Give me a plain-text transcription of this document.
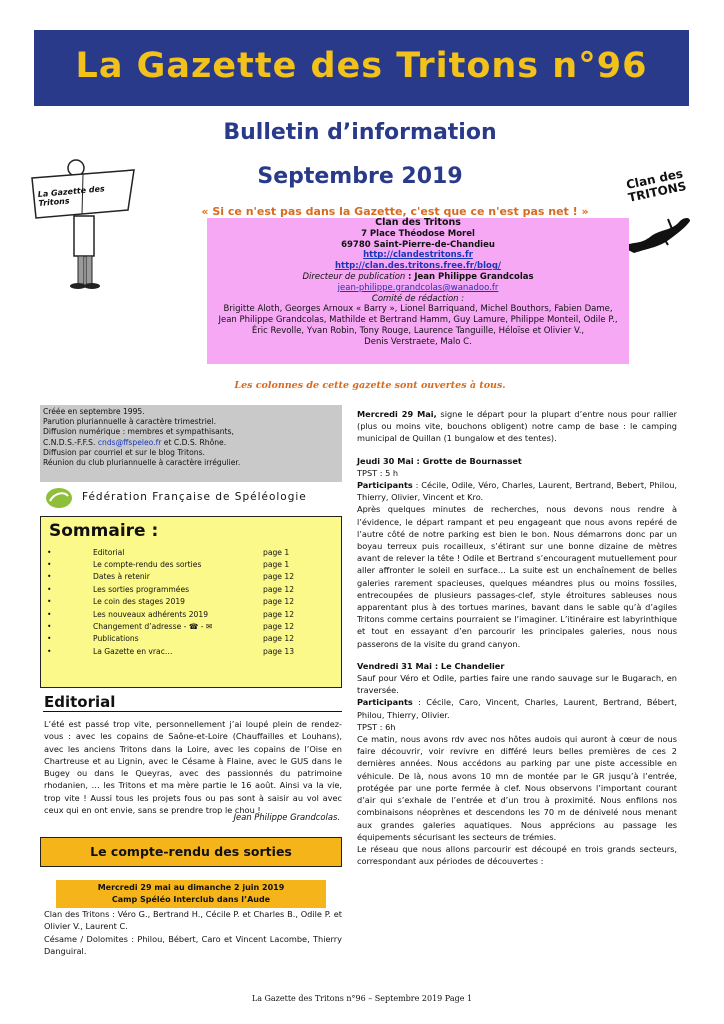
La Gazette des Tritons n°96
La Gazette des Tritons
Clan des TRITONS
Bulletin d’information
Septembre 2019
« Si ce n'est pas dans la Gazette, c'est que ce n'est pas net ! »
Clan des Tritons
7 Place Théodose Morel
69780 Saint-Pierre-de-Chandieu
http://clandestritons.fr
http://clan.des.tritons.free.fr/blog/
Directeur de publication : Jean Philippe Grandcolas
jean-philippe.grandcolas@wanadoo.fr
Comité de rédaction :
Brigitte Aloth, Georges Arnoux « Barry », Lionel Barriquand, Michel Bouthors, Fabien Dame,
Jean Philippe Grandcolas, Mathilde et Bertrand Hamm, Guy Lamure, Philippe Monteil, Odile P.,
Éric Revolle, Yvan Robin, Tony Rouge, Laurence Tanguille, Héloïse et Olivier V.,
Denis Verstraete, Malo C.
Les colonnes de cette gazette sont ouvertes à tous.
Créée en septembre 1995.
Parution pluriannuelle à caractère trimestriel.
Diffusion numérique : membres et sympathisants,
C.N.D.S.-F.F.S. cnds@ffspeleo.fr et C.D.S. Rhône.
Diffusion par courriel et sur le blog Tritons.
Réunion du club pluriannuelle à caractère irrégulier.
Fédération Française de Spéléologie
Sommaire :
•	Editorial	page 1
•	Le compte-rendu des sorties	page 1
•	Dates à retenir	page 12
•	Les sorties programmées	page 12
•	Le coin des stages 2019	page 12
•	Les nouveaux adhérents 2019	page 12
•	Changement d’adresse - ☎ - ✉	page 12
•	Publications	page 12
•	La Gazette en vrac…	page 13
Editorial
L’été est passé trop vite, personnellement j’ai loupé plein de rendez-vous : avec les copains de Saône-et-Loire (Chauffailles et Louhans), avec les anciens Tritons dans la Loire, avec les copains de l’Oise en Chartreuse et au Lignin, avec le Césame à Flaine, avec le GUS dans le Bugey ou dans le Queyras, avec des passionnés du patrimoine rhodanien, … les Tritons et ma mère partie le 16 août. Ainsi va la vie, trop vite ! Aussi tous les projets fous ou pas sont à saisir au vol avec ceux qui en ont envie, sans se prendre trop le chou !
Jean Philippe Grandcolas.
Le compte-rendu des sorties
Mercredi 29 mai au dimanche 2 juin 2019
Camp Spéléo Interclub dans l’Aude
Clan des Tritons : Véro G., Bertrand H., Cécile P. et Charles B., Odile P. et Olivier V., Laurent C.
Césame / Dolomites : Philou, Bébert, Caro et Vincent Lacombe, Thierry Danguiral.

Mercredi 29 Mai, signe le départ pour la plupart d’entre nous pour rallier (plus ou moins vite, bouchons obligent) notre camp de base : le camping municipal de Quillan (1 bungalow et des tentes).

Jeudi 30 Mai : Grotte de Bournasset
TPST : 5 h
Participants : Cécile, Odile, Véro, Charles, Laurent, Bertrand, Bebert, Philou, Thierry, Olivier, Vincent et Kro.

Après quelques minutes de recherches, nous devons nous rendre à l’évidence, le départ rampant et peu engageant que nous avons repéré de l’autre côté de notre parking est bien le bon. Nous démarrons donc par un boyau terreux puis rocailleux, s’étirant sur une bonne dizaine de mètres avant de relever la tête ! Odile et Bertrand s’encouragent mutuellement pour aller affronter le soleil en surface… La suite est un enchaînement de belles galeries rarement spacieuses, quelques méandres plus ou moins fossiles, entrecoupées de plusieurs passages-clef, style étroitures sableuses nous apparentant plus à des tortues marines, bavant dans le sable qu’à d’agiles Tritons comme certains pourraient se l’imaginer. L’itinéraire est labyrinthique et tout en essayant d’en parcourir les principales galeries, nous nous passerons de la visite du grand canyon.

Vendredi 31 Mai : Le Chandelier
Sauf pour Véro et Odile, parties faire une rando sauvage sur le Bugarach, en traversée.
Participants : Cécile, Caro, Vincent, Charles, Laurent, Bertrand, Bébert, Philou, Thierry, Olivier.
TPST : 6h
Ce matin, nous avons rdv avec nos hôtes audois qui auront à cœur de nous faire découvrir, voir revivre en différé leurs belles premières de ces 2 dernières années. Nous accédons au parking par une piste accessible en véhicule. De là, nous avons 10 mn de montée par le GR jusqu’à l’entrée, protégée par une porte fermée à clef. Nous observons l’important courant d’air qui s’exhale de l’entrée et d’un trou à proximité. Nous enfilons nos combinaisons néoprènes et descendons les 70 m de dénivelé nous menant aux grandes galeries aquatiques. Nous apprécions au passage les équipements sécurisant les secteurs de trémies.
Le réseau que nous allons parcourir est découpé en trois grands secteurs, correspondant aux périodes de découvertes :
La Gazette des Tritons n°96 – Septembre 2019 Page 1
